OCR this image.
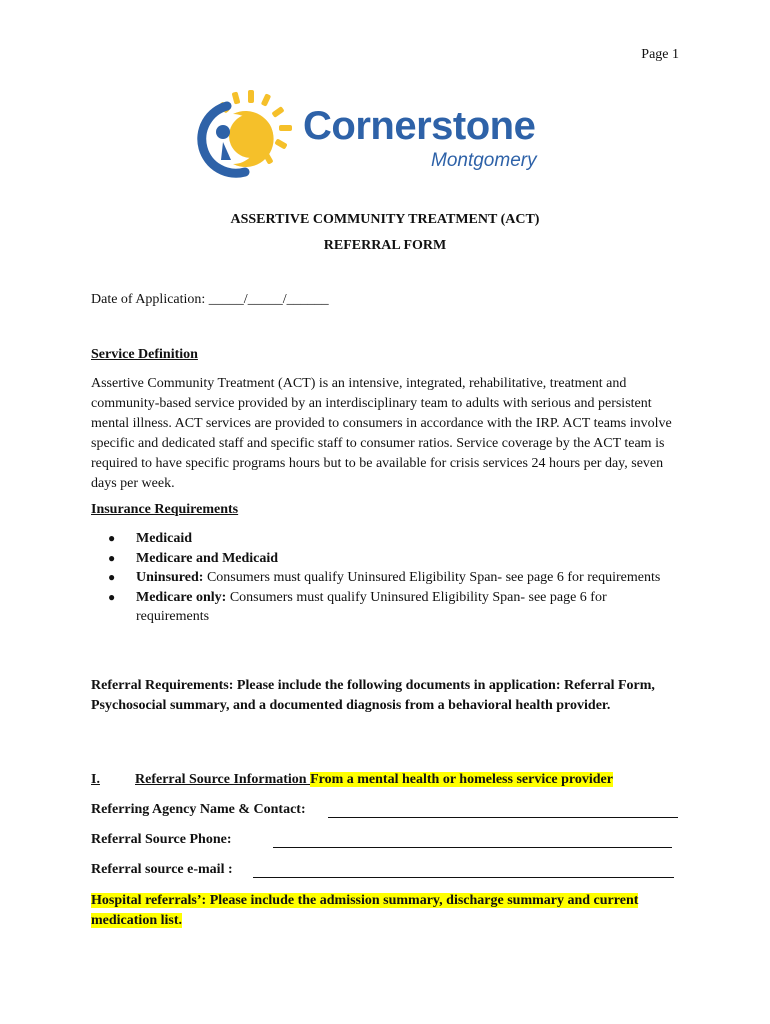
Page 1
Cornerstone
Montgomery
ASSERTIVE COMMUNITY TREATMENT (ACT)
REFERRAL FORM
Date of Application: _____/_____/______
Service Definition
Assertive Community Treatment (ACT) is an intensive, integrated, rehabilitative, treatment and community-based service provided by an interdisciplinary team to adults with serious and persistent mental illness. ACT services are provided to consumers in accordance with the IRP. ACT teams involve specific and dedicated staff and specific staff to consumer ratios. Service coverage by the ACT team is required to have specific programs hours but to be available for crisis services 24 hours per day, seven days per week.
Insurance Requirements
● Medicaid
● Medicare and Medicaid
● Uninsured: Consumers must qualify Uninsured Eligibility Span- see page 6 for requirements
● Medicare only: Consumers must qualify Uninsured Eligibility Span- see page 6 for requirements
Referral Requirements: Please include the following documents in application: Referral Form, Psychosocial summary, and a documented diagnosis from a behavioral health provider.
I.	Referral Source Information From a mental health or homeless service provider
Referring Agency Name & Contact:
Referral Source Phone:
Referral source e-mail :
Hospital referrals’: Please include the admission summary, discharge summary and current medication list.
